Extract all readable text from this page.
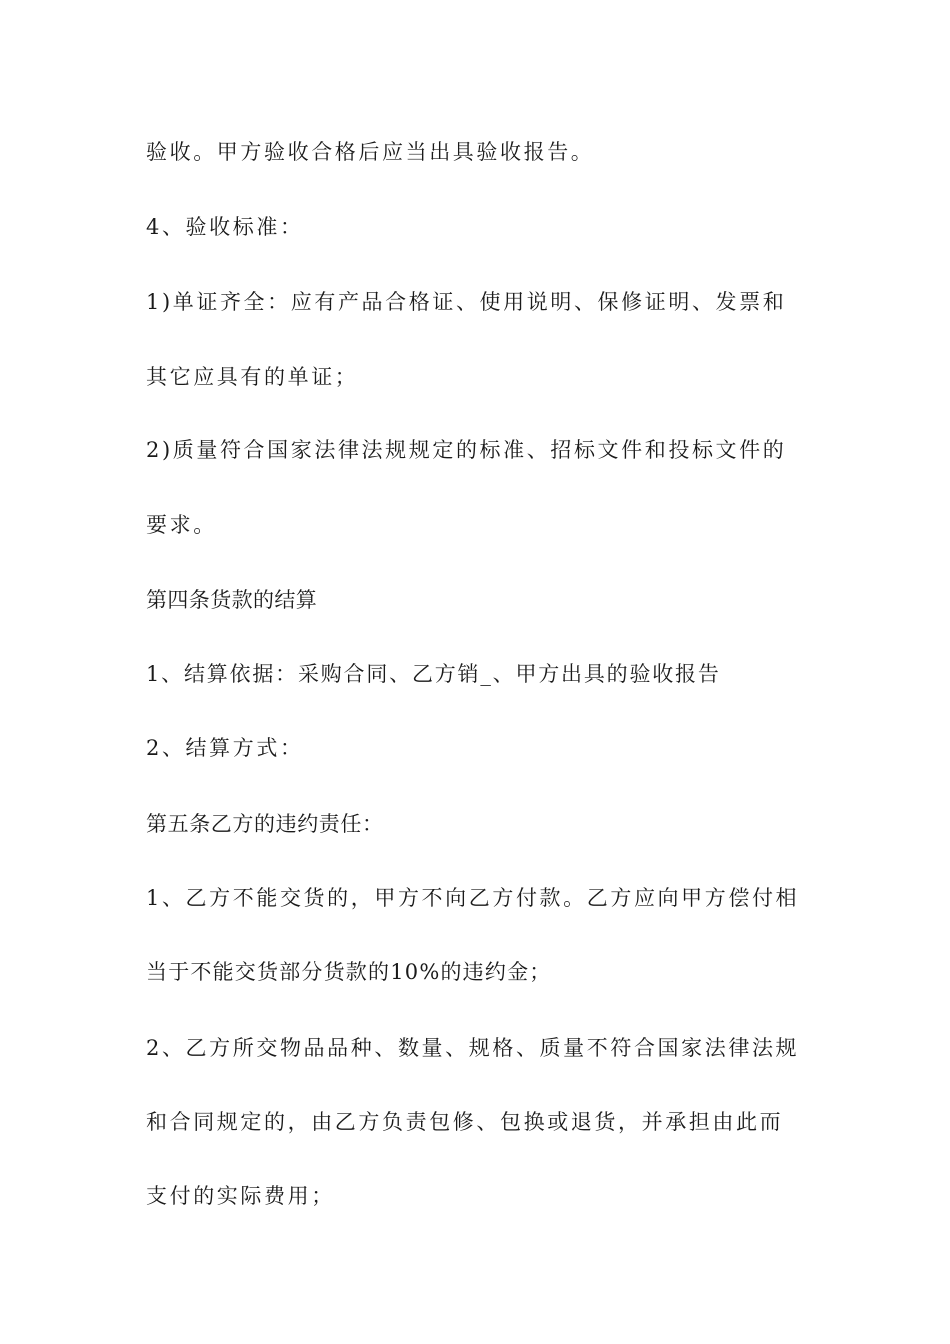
验收。甲方验收合格后应当出具验收报告。

4、验收标准：

1)单证齐全：应有产品合格证、使用说明、保修证明、发票和

其它应具有的单证；

2)质量符合国家法律法规规定的标准、招标文件和投标文件的

要求。

第四条货款的结算

1、结算依据：采购合同、乙方销_、甲方出具的验收报告

2、结算方式：

第五条乙方的违约责任：

1、乙方不能交货的，甲方不向乙方付款。乙方应向甲方偿付相

当于不能交货部分货款的10%的违约金；

2、乙方所交物品品种、数量、规格、质量不符合国家法律法规

和合同规定的，由乙方负责包修、包换或退货，并承担由此而

支付的实际费用；
